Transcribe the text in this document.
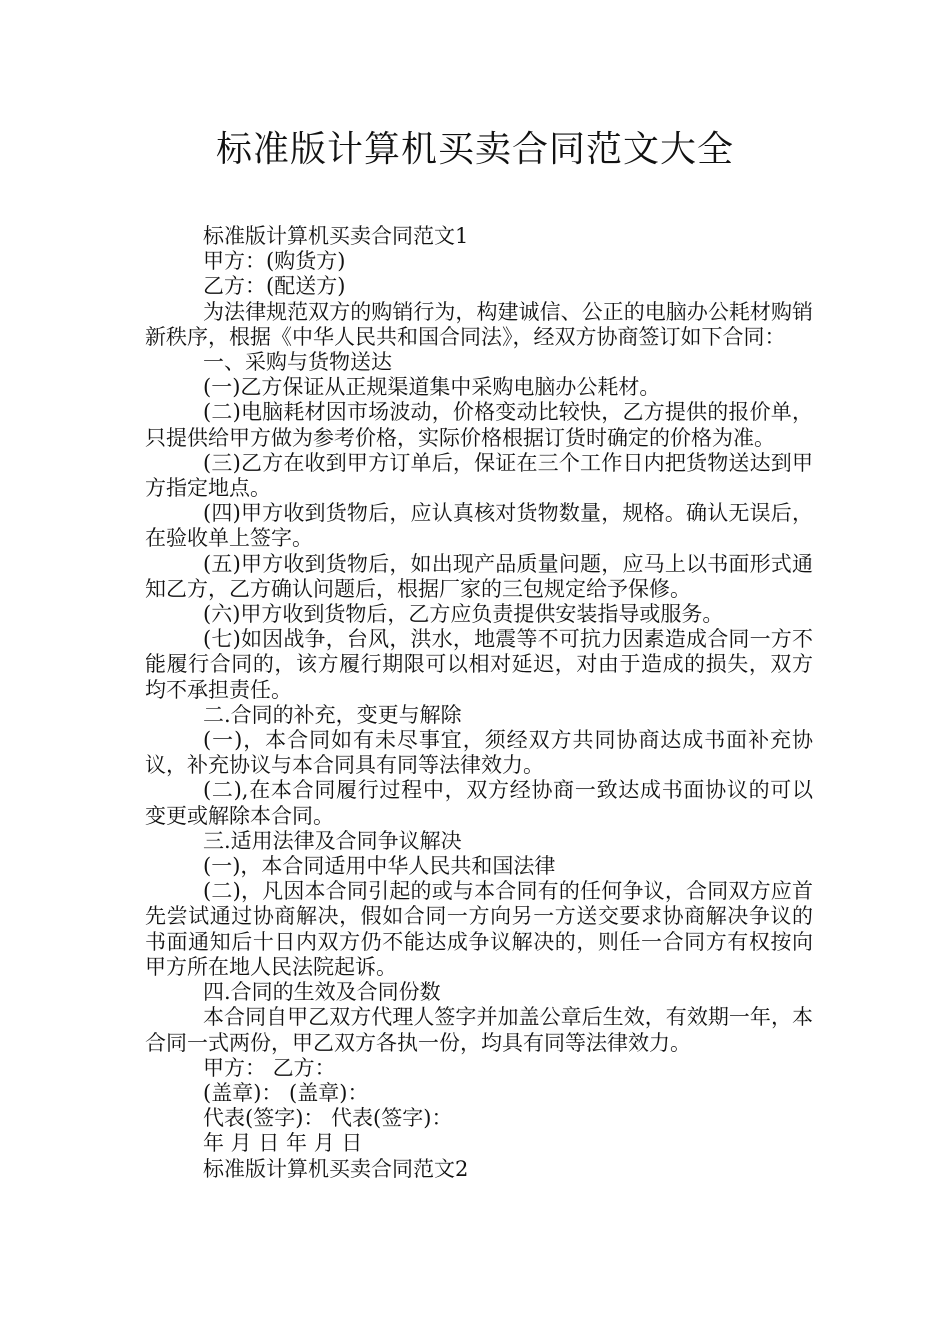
标准版计算机买卖合同范文大全

标准版计算机买卖合同范文1

甲方：(购货方)

乙方：(配送方)

为法律规范双方的购销行为，构建诚信、公正的电脑办公耗材购销新秩序，根据《中华人民共和国合同法》，经双方协商签订如下合同：

一、采购与货物送达

(一)乙方保证从正规渠道集中采购电脑办公耗材。

(二)电脑耗材因市场波动，价格变动比较快，乙方提供的报价单，只提供给甲方做为参考价格，实际价格根据订货时确定的价格为准。

(三)乙方在收到甲方订单后，保证在三个工作日内把货物送达到甲方指定地点。

(四)甲方收到货物后，应认真核对货物数量，规格。确认无误后，在验收单上签字。

(五)甲方收到货物后，如出现产品质量问题，应马上以书面形式通知乙方，乙方确认问题后，根据厂家的三包规定给予保修。

(六)甲方收到货物后，乙方应负责提供安装指导或服务。

(七)如因战争，台风，洪水，地震等不可抗力因素造成合同一方不能履行合同的，该方履行期限可以相对延迟，对由于造成的损失，双方均不承担责任。

二.合同的补充，变更与解除

(一)，本合同如有未尽事宜，须经双方共同协商达成书面补充协议，补充协议与本合同具有同等法律效力。

(二),在本合同履行过程中，双方经协商一致达成书面协议的可以变更或解除本合同。

三.适用法律及合同争议解决

(一)，本合同适用中华人民共和国法律

(二)，凡因本合同引起的或与本合同有的任何争议，合同双方应首先尝试通过协商解决，假如合同一方向另一方送交要求协商解决争议的书面通知后十日内双方仍不能达成争议解决的，则任一合同方有权按向甲方所在地人民法院起诉。

四.合同的生效及合同份数

本合同自甲乙双方代理人签字并加盖公章后生效，有效期一年，本合同一式两份，甲乙双方各执一份，均具有同等法律效力。

甲方： 乙方：

(盖章)： (盖章)：

代表(签字)： 代表(签字)：

年 月 日 年 月 日

标准版计算机买卖合同范文2
